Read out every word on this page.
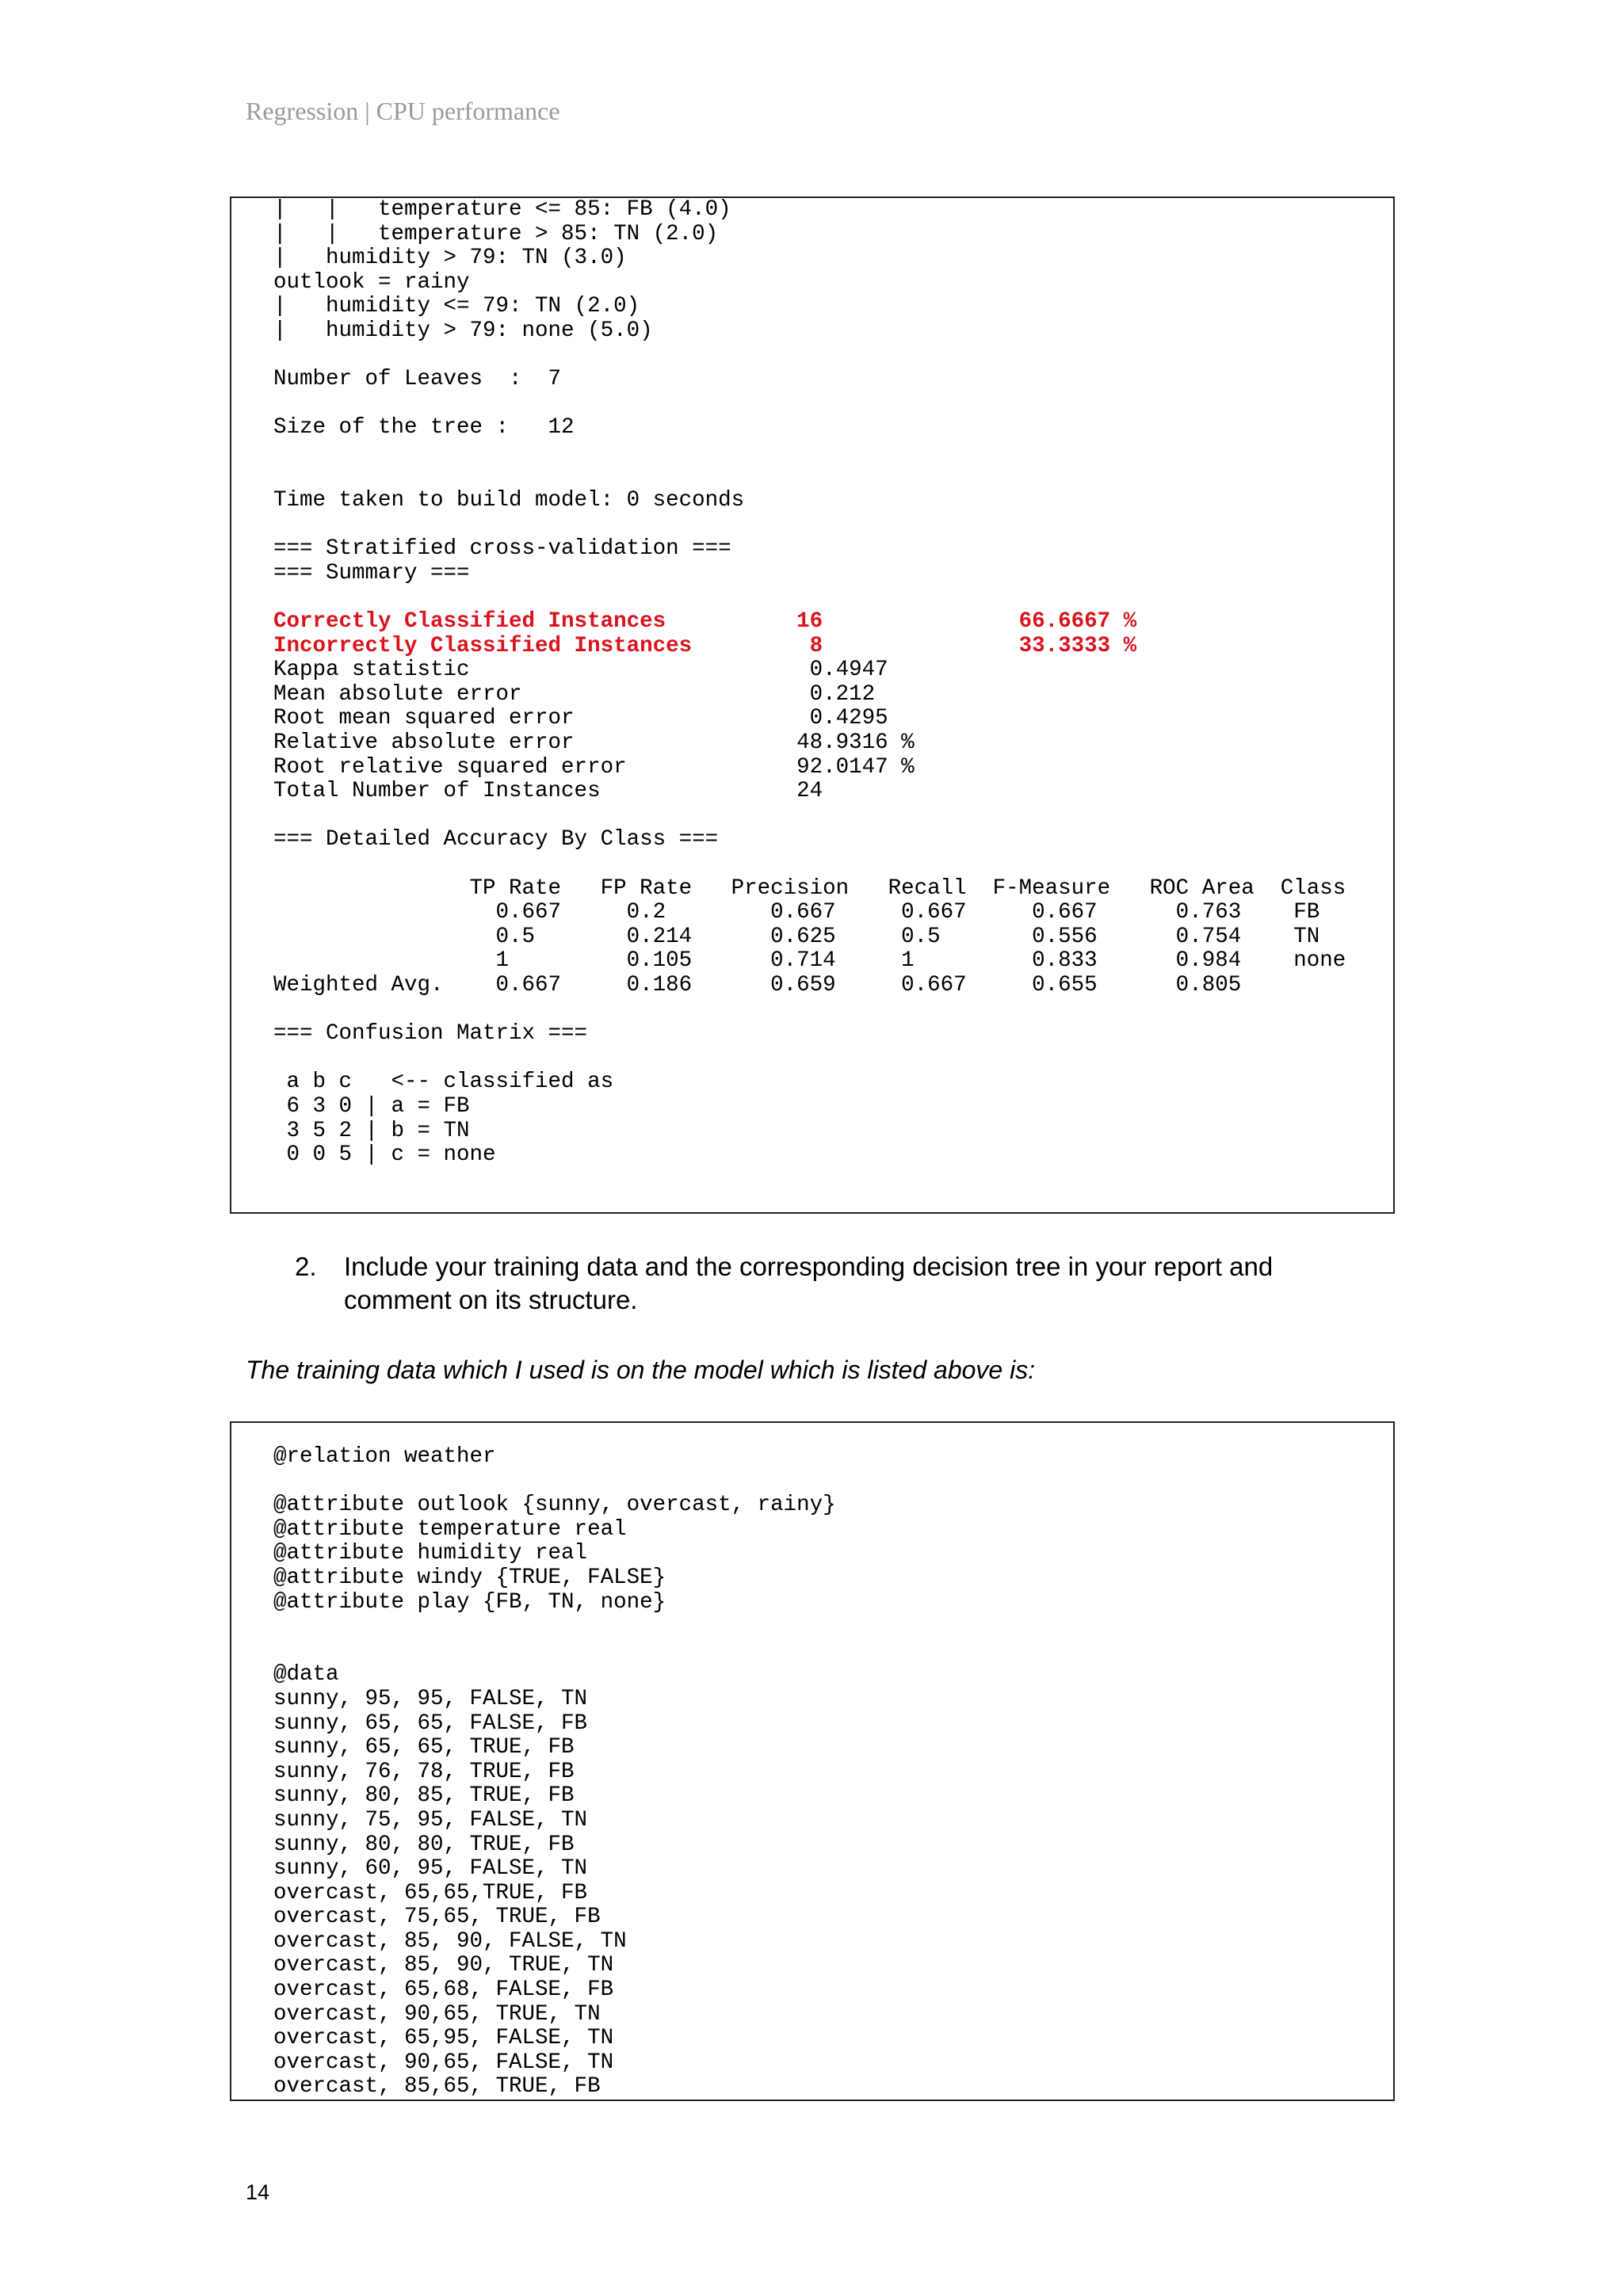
Regression | CPU performance

|   |   temperature <= 85: FB (4.0)
|   |   temperature > 85: TN (2.0)
|   humidity > 79: TN (3.0)
outlook = rainy
|   humidity <= 79: TN (2.0)
|   humidity > 79: none (5.0)
Number of Leaves  :  7
Size of the tree :   12
Time taken to build model: 0 seconds
=== Stratified cross-validation ===
=== Summary ===
Correctly Classified Instances          16               66.6667 %
Incorrectly Classified Instances         8               33.3333 %
Kappa statistic                          0.4947
Mean absolute error                      0.212
Root mean squared error                  0.4295
Relative absolute error                 48.9316 %
Root relative squared error             92.0147 %
Total Number of Instances               24
=== Detailed Accuracy By Class ===
TP Rate   FP Rate   Precision   Recall  F-Measure   ROC Area  Class
0.667     0.2        0.667     0.667     0.667      0.763    FB
0.5       0.214      0.625     0.5       0.556      0.754    TN
1         0.105      0.714     1         0.833      0.984    none
Weighted Avg.    0.667     0.186      0.659     0.667     0.655      0.805
=== Confusion Matrix ===
a b c   <-- classified as
6 3 0 | a = FB
3 5 2 | b = TN
0 0 5 | c = none
2. Include your training data and the corresponding decision tree in your report and comment on its structure.

The training data which I used is on the model which is listed above is:

@relation weather
@attribute outlook {sunny, overcast, rainy}
@attribute temperature real
@attribute humidity real
@attribute windy {TRUE, FALSE}
@attribute play {FB, TN, none}
@data
sunny, 95, 95, FALSE, TN
sunny, 65, 65, FALSE, FB
sunny, 65, 65, TRUE, FB
sunny, 76, 78, TRUE, FB
sunny, 80, 85, TRUE, FB
sunny, 75, 95, FALSE, TN
sunny, 80, 80, TRUE, FB
sunny, 60, 95, FALSE, TN
overcast, 65,65,TRUE, FB
overcast, 75,65, TRUE, FB
overcast, 85, 90, FALSE, TN
overcast, 85, 90, TRUE, TN
overcast, 65,68, FALSE, FB
overcast, 90,65, TRUE, TN
overcast, 65,95, FALSE, TN
overcast, 90,65, FALSE, TN
overcast, 85,65, TRUE, FB

14
